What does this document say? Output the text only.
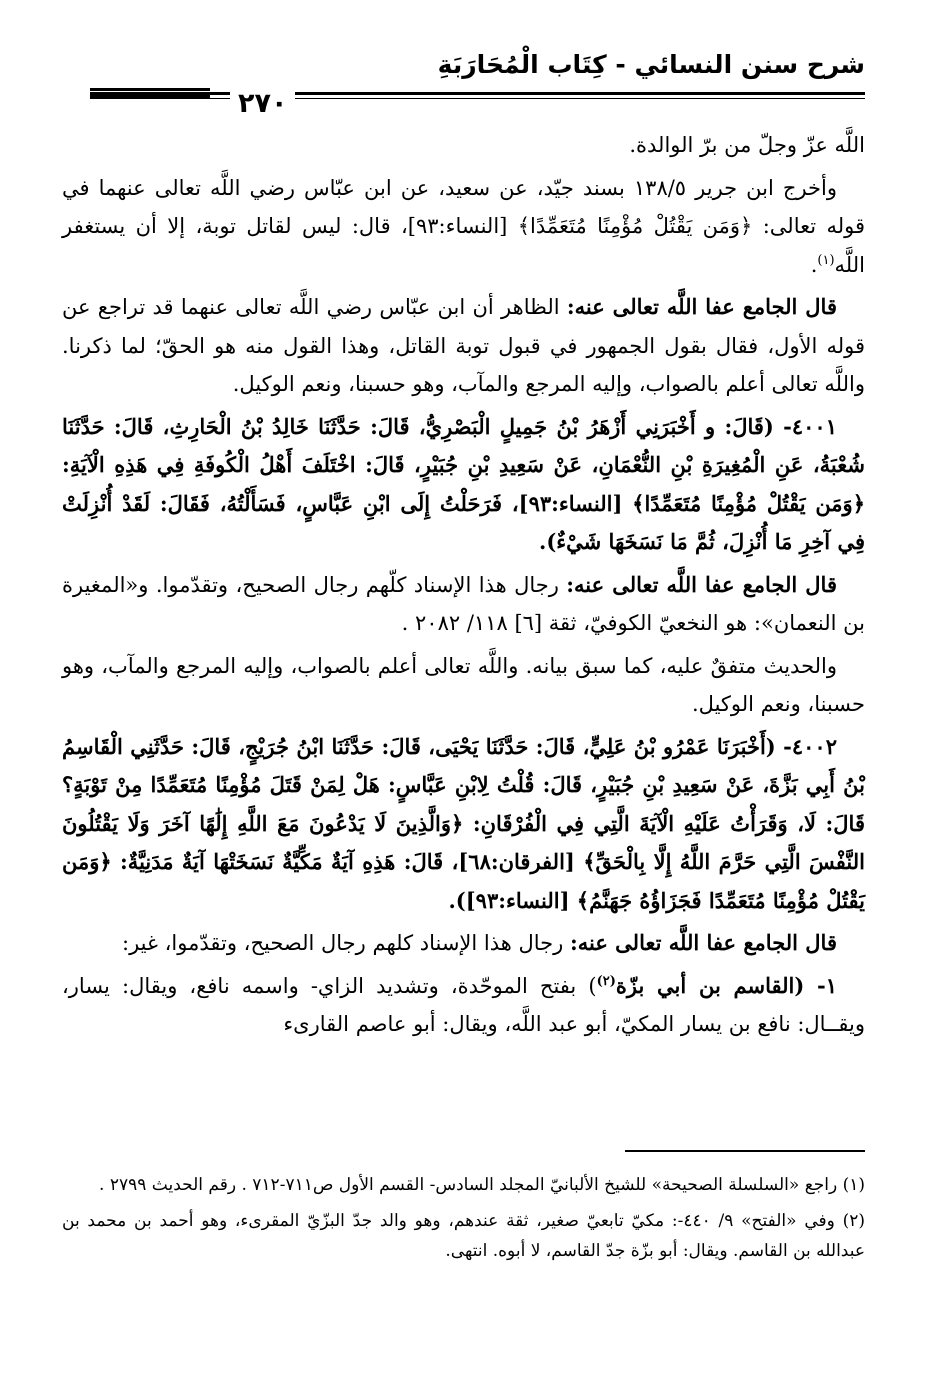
شرح سنن النسائي - كِتَاب الْمُحَارَبَةِ
٢٧٠

اللَّه عزّ وجلّ من برّ الوالدة.

وأخرج ابن جرير ١٣٨/٥ بسند جيّد، عن سعيد، عن ابن عبّاس رضي اللَّه تعالى عنهما في قوله تعالى: ﴿وَمَن يَقْتُلْ مُؤْمِنًا مُتَعَمِّدًا﴾ [النساء:٩٣]، قال: ليس لقاتل توبة، إلا أن يستغفر اللَّه$^{(١)}$.

قال الجامع عفا اللَّه تعالى عنه: الظاهر أن ابن عبّاس رضي اللَّه تعالى عنهما قد تراجع عن قوله الأول، فقال بقول الجمهور في قبول توبة القاتل، وهذا القول منه هو الحقّ؛ لما ذكرنا. واللَّه تعالى أعلم بالصواب، وإليه المرجع والمآب، وهو حسبنا، ونعم الوكيل.

٤٠٠١- (قَالَ: و أَخْبَرَنِي أَزْهَرُ بْنُ جَمِيلٍ الْبَصْرِيُّ، قَالَ: حَدَّثَنَا خَالِدُ بْنُ الْحَارِثِ، قَالَ: حَدَّثَنَا شُعْبَةُ، عَنِ الْمُغِيرَةِ بْنِ النُّعْمَانِ، عَنْ سَعِيدِ بْنِ جُبَيْرٍ، قَالَ: اخْتَلَفَ أَهْلُ الْكُوفَةِ فِي هَذِهِ الْآيَةِ: ﴿وَمَن يَقْتُلْ مُؤْمِنًا مُتَعَمِّدًا﴾ [النساء:٩٣]، فَرَحَلْتُ إِلَى ابْنِ عَبَّاسٍ، فَسَأَلْتُهُ، فَقَالَ: لَقَدْ أُنْزِلَتْ فِي آخِرِ مَا أُنْزِلَ، ثُمَّ مَا نَسَخَهَا شَيْءٌ).

قال الجامع عفا اللَّه تعالى عنه: رجال هذا الإسناد كلّهم رجال الصحيح، وتقدّموا. و«المغيرة بن النعمان»: هو النخعيّ الكوفيّ، ثقة [٦] ١١٨/ ٢٠٨٢ .

والحديث متفقٌ عليه، كما سبق بيانه. واللَّه تعالى أعلم بالصواب، وإليه المرجع والمآب، وهو حسبنا، ونعم الوكيل.

٤٠٠٢- (أَخْبَرَنَا عَمْرُو بْنُ عَلِيٍّ، قَالَ: حَدَّثَنَا يَحْيَى، قَالَ: حَدَّثَنَا ابْنُ جُرَيْجٍ، قَالَ: حَدَّثَنِي الْقَاسِمُ بْنُ أَبِي بَزَّةَ، عَنْ سَعِيدِ بْنِ جُبَيْرٍ، قَالَ: قُلْتُ لِابْنِ عَبَّاسٍ: هَلْ لِمَنْ قَتَلَ مُؤْمِنًا مُتَعَمِّدًا مِنْ تَوْبَةٍ؟ قَالَ: لَا، وَقَرَأْتُ عَلَيْهِ الْآيَةَ الَّتِي فِي الْفُرْقَانِ: ﴿وَالَّذِينَ لَا يَدْعُونَ مَعَ اللَّهِ إِلَٰهًا آخَرَ وَلَا يَقْتُلُونَ النَّفْسَ الَّتِي حَرَّمَ اللَّهُ إِلَّا بِالْحَقِّ﴾ [الفرقان:٦٨]، قَالَ: هَذِهِ آيَةٌ مَكِّيَّةٌ نَسَخَتْهَا آيَةٌ مَدَنِيَّةٌ: ﴿وَمَن يَقْتُلْ مُؤْمِنًا مُتَعَمِّدًا فَجَزَاؤُهُ جَهَنَّمُ﴾ [النساء:٩٣]).

قال الجامع عفا اللَّه تعالى عنه: رجال هذا الإسناد كلهم رجال الصحيح، وتقدّموا، غير:

١- (القاسم بن أبي بزّة$^{(٢)}$) بفتح الموحّدة، وتشديد الزاي- واسمه نافع، ويقال: يسار، ويقــال: نافع بن يسار المكيّ، أبو عبد اللَّه، ويقال: أبو عاصم القارىء

(١) راجع «السلسلة الصحيحة» للشيخ الألبانيّ المجلد السادس- القسم الأول ص٧١١-٧١٢ . رقم الحديث ٢٧٩٩ .

(٢) وفي «الفتح» ٩/ ٤٤٠-: مكيّ تابعيّ صغير، ثقة عندهم، وهو والد جدّ البزّيّ المقرىء، وهو أحمد بن محمد بن عبدالله بن القاسم. ويقال: أبو بزّة جدّ القاسم، لا أبوه. انتهى.
